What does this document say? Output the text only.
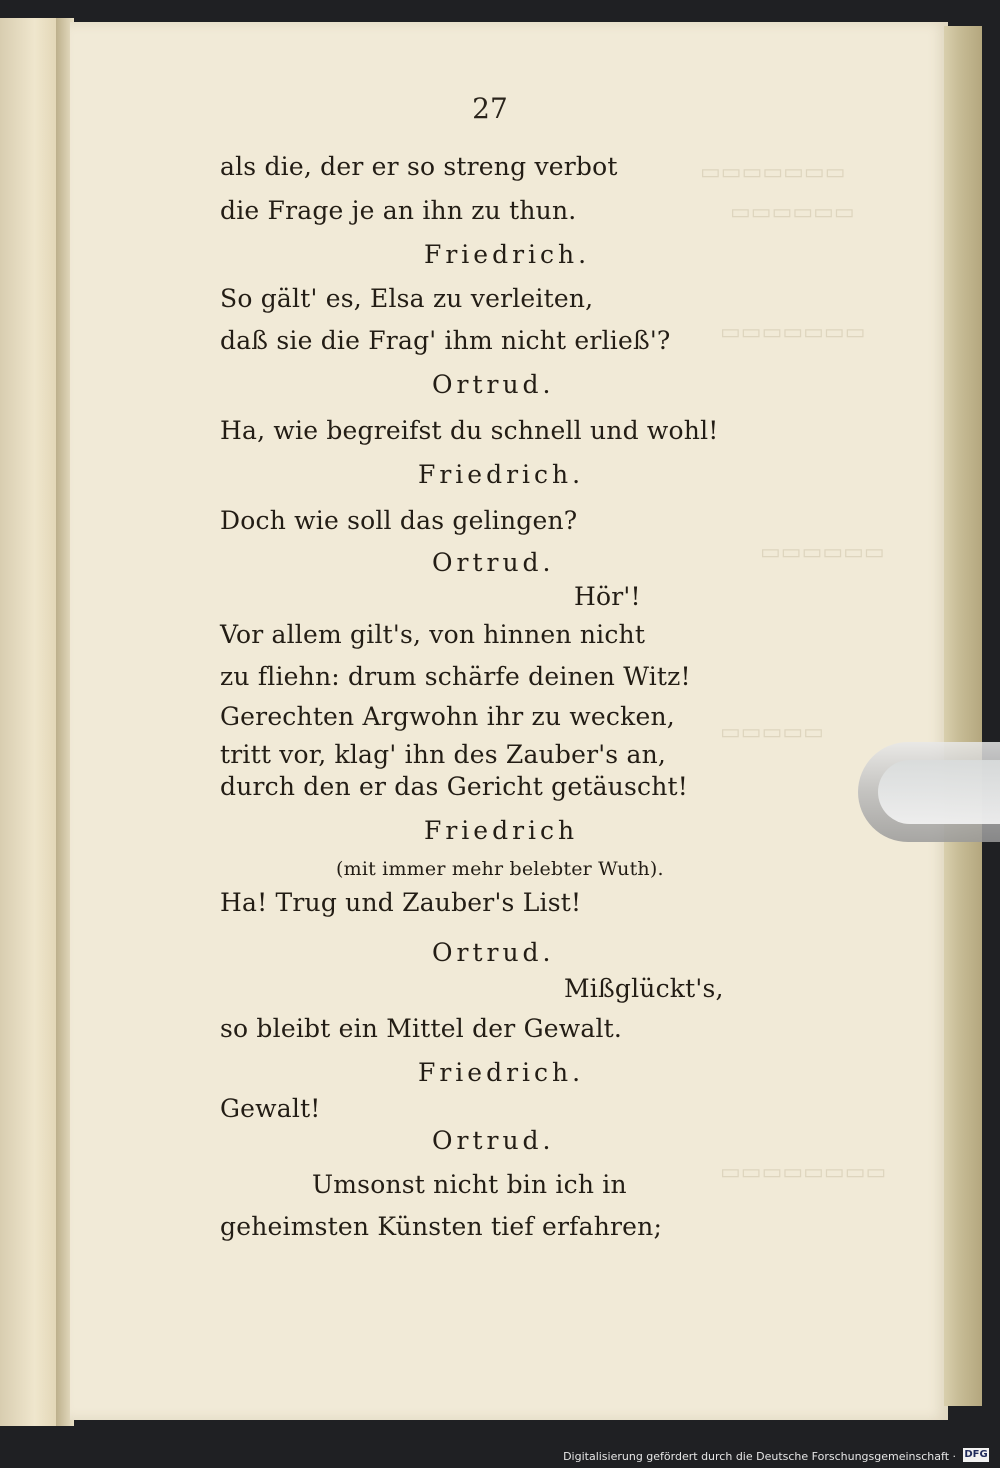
▭▭▭▭▭▭▭
▭▭▭▭▭▭
▭▭▭▭▭▭▭
▭▭▭▭▭▭
▭▭▭▭▭
▭▭▭▭▭▭▭▭
27
als die, der er so streng verbot
die Frage je an ihn zu thun.
Friedrich.
So gält' es, Elsa zu verleiten,
daß sie die Frag' ihm nicht erließ'?
Ortrud.
Ha, wie begreifst du schnell und wohl!
Friedrich.
Doch wie soll das gelingen?
Ortrud.
Hör'!
Vor allem gilt's, von hinnen nicht
zu fliehn: drum schärfe deinen Witz!
Gerechten Argwohn ihr zu wecken,
tritt vor, klag' ihn des Zauber's an,
durch den er das Gericht getäuscht!
Friedrich
(mit immer mehr belebter Wuth).
Ha! Trug und Zauber's List!
Ortrud.
Mißglückt's,
so bleibt ein Mittel der Gewalt.
Friedrich.
Gewalt!
Ortrud.
Umsonst nicht bin ich in
geheimsten Künsten tief erfahren;
Digitalisierung gefördert durch die Deutsche Forschungsgemeinschaft · DFG
